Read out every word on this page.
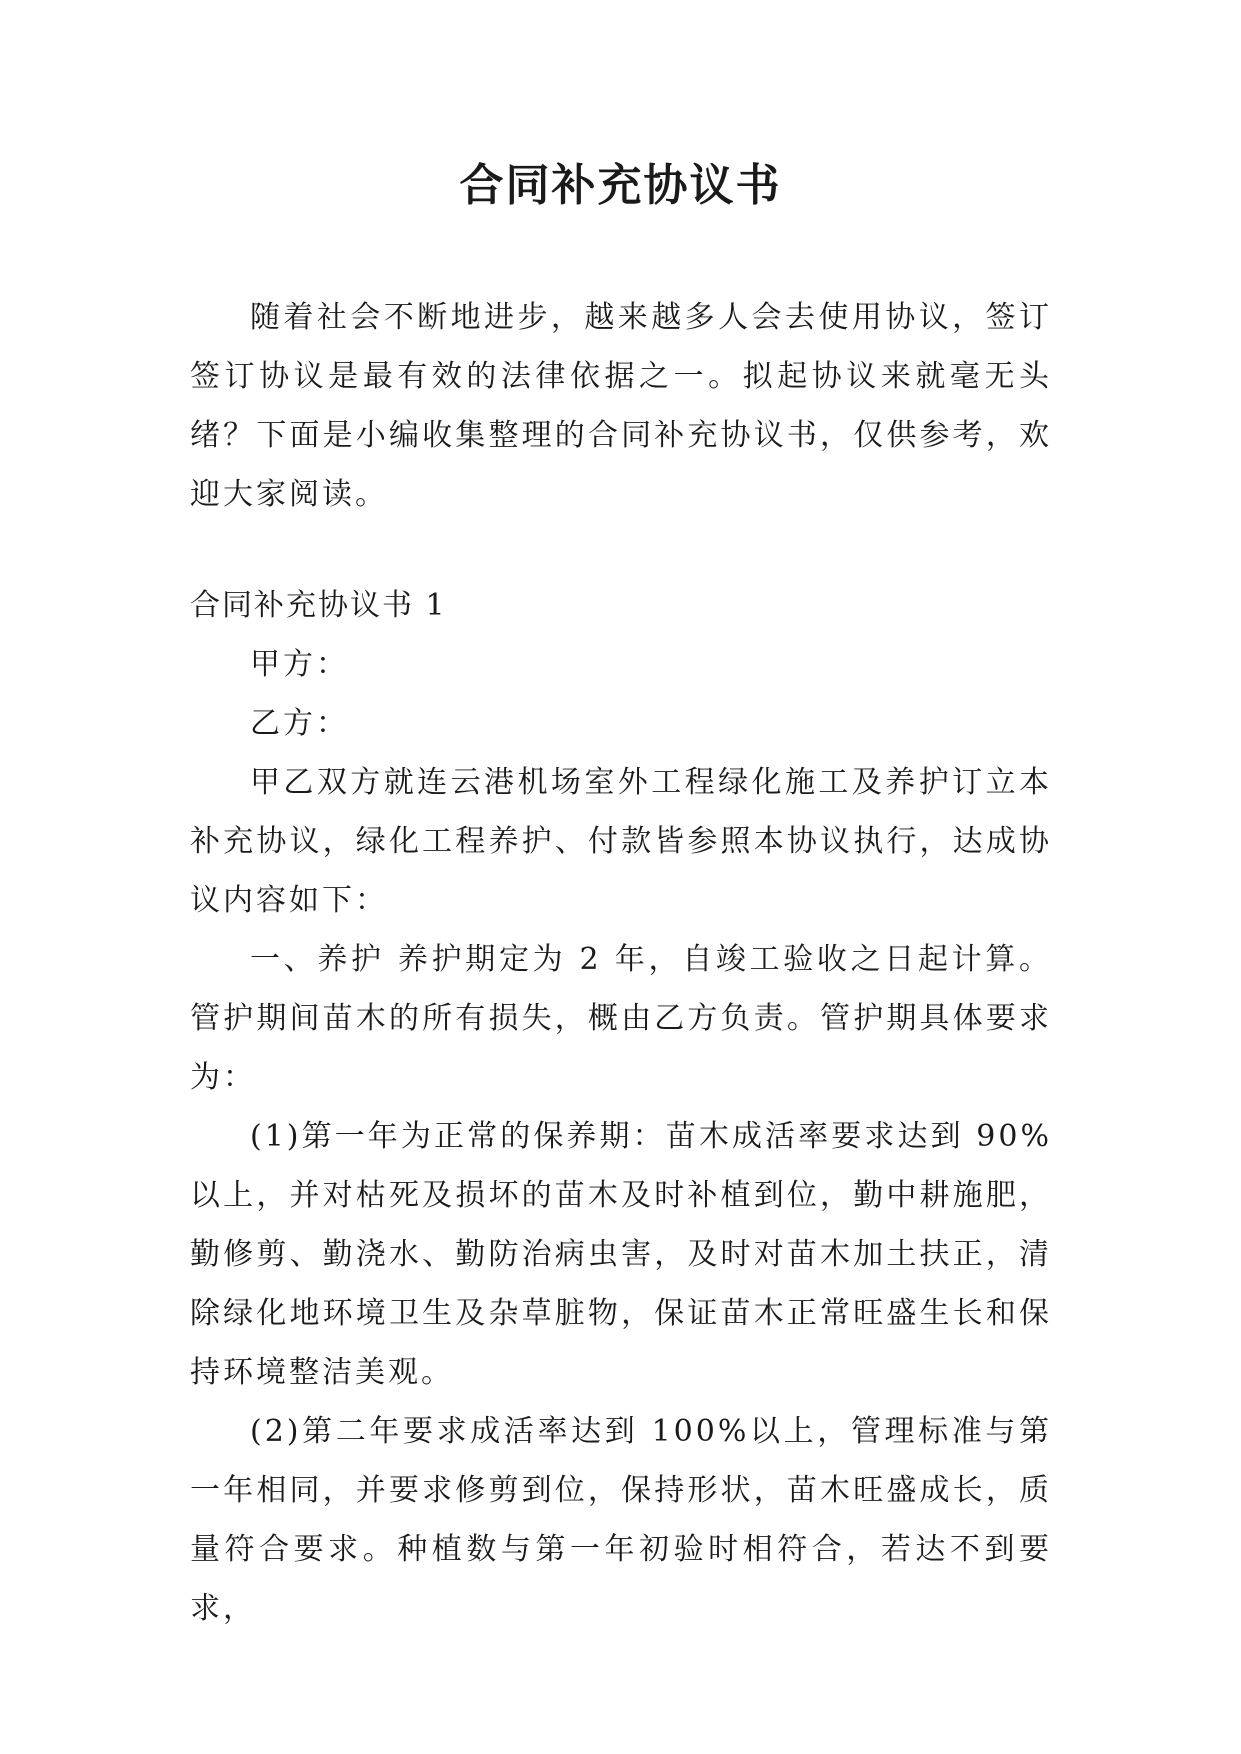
合同补充协议书

随着社会不断地进步，越来越多人会去使用协议，签订签订协议是最有效的法律依据之一。拟起协议来就毫无头绪？下面是小编收集整理的合同补充协议书，仅供参考，欢迎大家阅读。

合同补充协议书 1

甲方：

乙方：

甲乙双方就连云港机场室外工程绿化施工及养护订立本补充协议，绿化工程养护、付款皆参照本协议执行，达成协议内容如下：

一、养护 养护期定为 2 年，自竣工验收之日起计算。管护期间苗木的所有损失，概由乙方负责。管护期具体要求为：

(1)第一年为正常的保养期：苗木成活率要求达到 90%以上，并对枯死及损坏的苗木及时补植到位，勤中耕施肥，勤修剪、勤浇水、勤防治病虫害，及时对苗木加土扶正，清除绿化地环境卫生及杂草脏物，保证苗木正常旺盛生长和保持环境整洁美观。

(2)第二年要求成活率达到 100%以上，管理标准与第一年相同，并要求修剪到位，保持形状，苗木旺盛成长，质量符合要求。种植数与第一年初验时相符合，若达不到要求，
